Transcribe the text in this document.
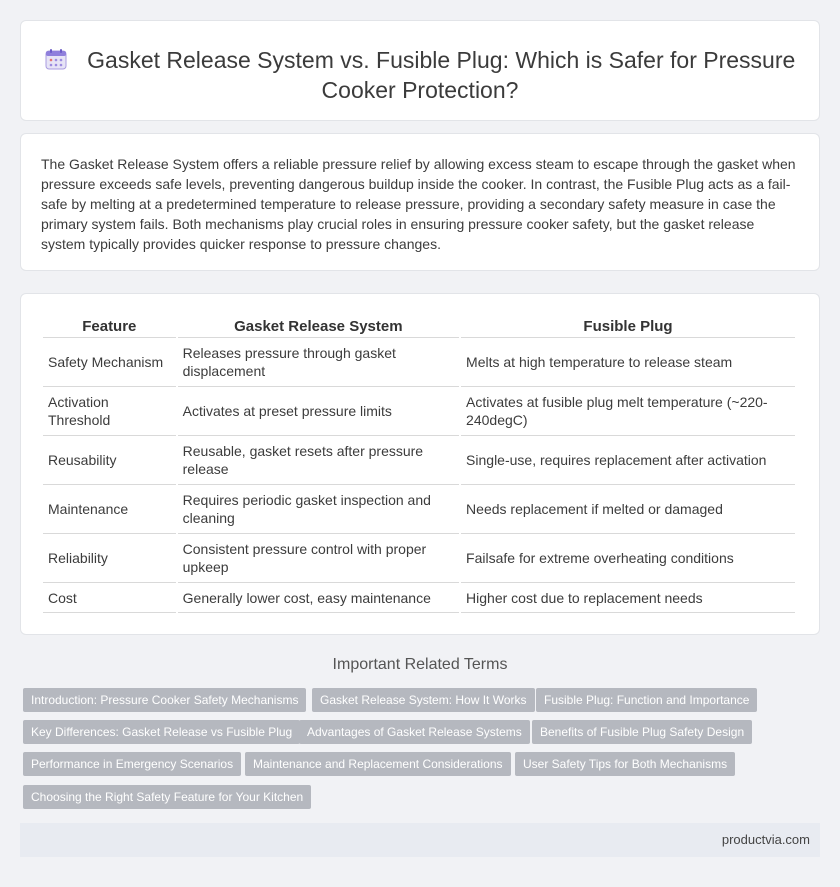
Gasket Release System vs. Fusible Plug: Which is Safer for Pressure Cooker Protection?

The Gasket Release System offers a reliable pressure relief by allowing excess steam to escape through the gasket when pressure exceeds safe levels, preventing dangerous buildup inside the cooker. In contrast, the Fusible Plug acts as a fail-safe by melting at a predetermined temperature to release pressure, providing a secondary safety measure in case the primary system fails. Both mechanisms play crucial roles in ensuring pressure cooker safety, but the gasket release system typically provides quicker response to pressure changes.

Feature	Gasket Release System	Fusible Plug
Safety Mechanism	Releases pressure through gasket displacement	Melts at high temperature to release steam
Activation Threshold	Activates at preset pressure limits	Activates at fusible plug melt temperature (~220-240degC)
Reusability	Reusable, gasket resets after pressure release	Single-use, requires replacement after activation
Maintenance	Requires periodic gasket inspection and cleaning	Needs replacement if melted or damaged
Reliability	Consistent pressure control with proper upkeep	Failsafe for extreme overheating conditions
Cost	Generally lower cost, easy maintenance	Higher cost due to replacement needs
Important Related Terms
Introduction: Pressure Cooker Safety Mechanisms	Gasket Release System: How It Works	Fusible Plug: Function and Importance
Key Differences: Gasket Release vs Fusible Plug	Advantages of Gasket Release Systems	Benefits of Fusible Plug Safety Design
Performance in Emergency Scenarios	Maintenance and Replacement Considerations	User Safety Tips for Both Mechanisms
Choosing the Right Safety Feature for Your Kitchen
productvia.com
